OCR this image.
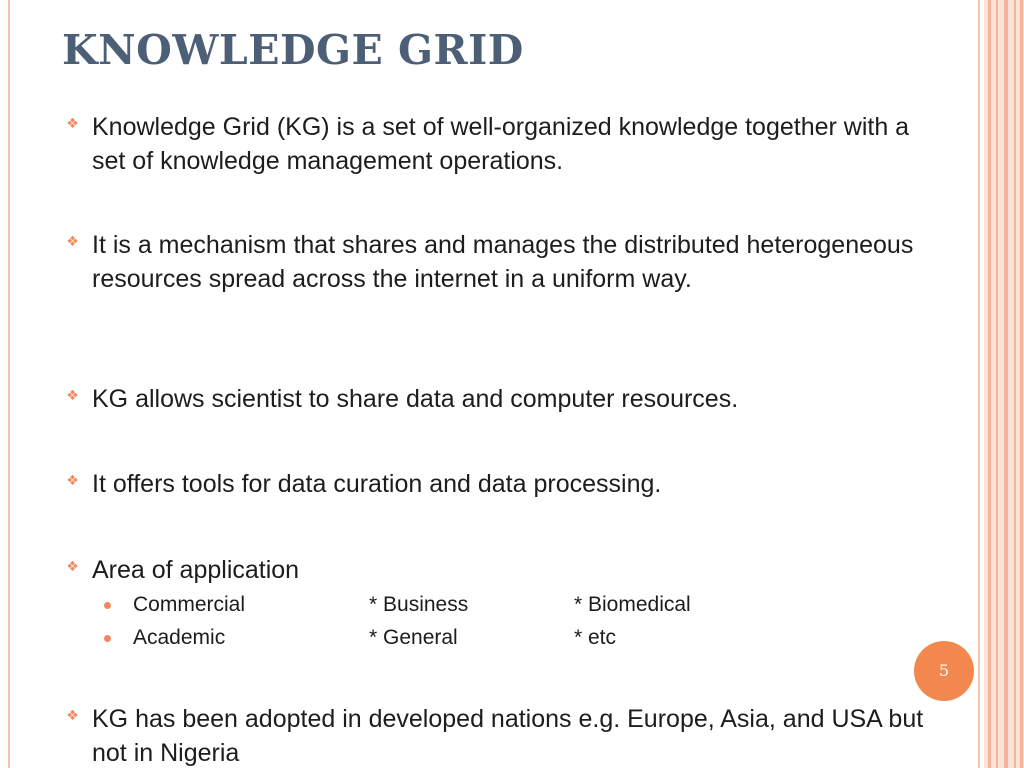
KNOWLEDGE GRID
❖ Knowledge Grid (KG) is a set of well-organized knowledge together with a set of knowledge management operations.
❖ It is a mechanism that shares and manages the distributed heterogeneous resources spread across the internet in a uniform way.
❖ KG allows scientist to share data and computer resources.
❖ It offers tools for data curation and data processing.
❖ Area of application
Commercial	* Business	* Biomedical
Academic	* General	* etc
❖ KG has been adopted in developed nations e.g. Europe, Asia, and USA but not in Nigeria
5
